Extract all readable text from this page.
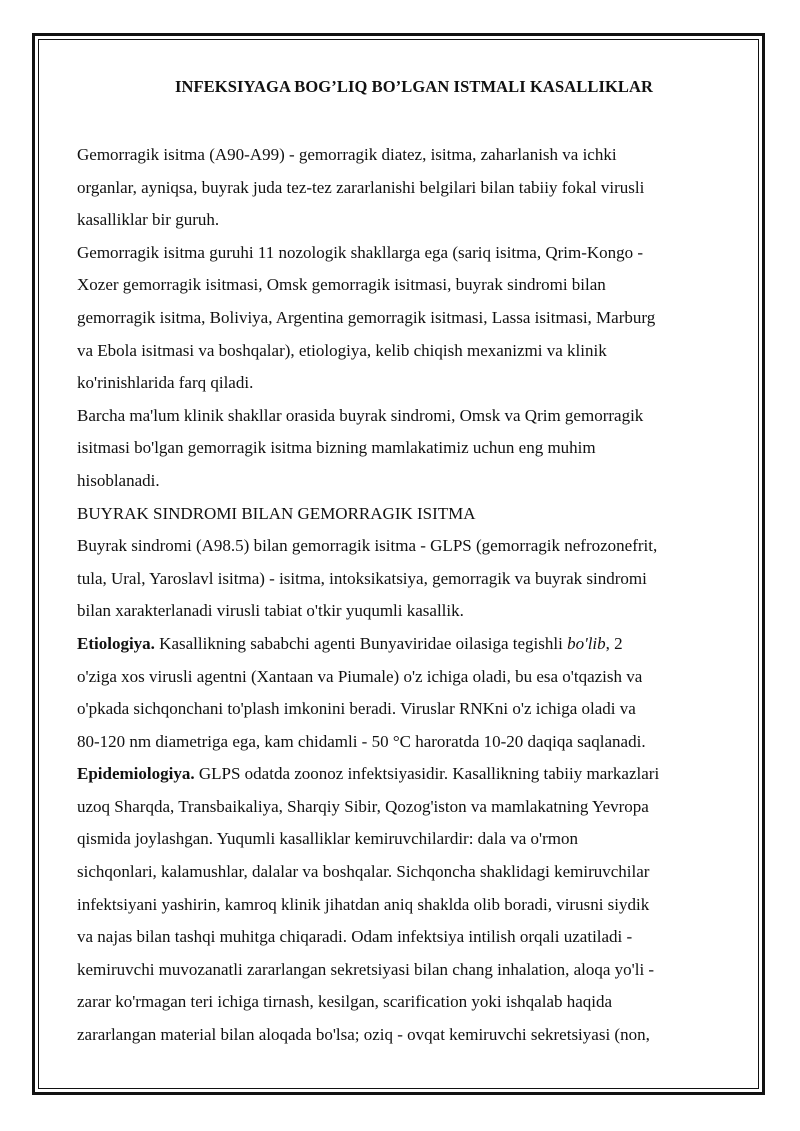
INFEKSIYAGA BOG’LIQ BO’LGAN ISTMALI KASALLIKLAR
Gemorragik isitma (A90-A99) - gemorragik diatez, isitma, zaharlanish va ichki
organlar, ayniqsa, buyrak juda tez-tez zararlanishi belgilari bilan tabiiy fokal virusli
kasalliklar bir guruh.
Gemorragik isitma guruhi 11 nozologik shakllarga ega (sariq isitma, Qrim-Kongo -
Xozer gemorragik isitmasi, Omsk gemorragik isitmasi, buyrak sindromi bilan
gemorragik isitma, Boliviya, Argentina gemorragik isitmasi, Lassa isitmasi, Marburg
va Ebola isitmasi va boshqalar), etiologiya, kelib chiqish mexanizmi va klinik
ko'rinishlarida farq qiladi.
Barcha ma'lum klinik shakllar orasida buyrak sindromi, Omsk va Qrim gemorragik
isitmasi bo'lgan gemorragik isitma bizning mamlakatimiz uchun eng muhim
hisoblanadi.
BUYRAK SINDROMI BILAN GEMORRAGIK ISITMA
Buyrak sindromi (A98.5) bilan gemorragik isitma - GLPS (gemorragik nefrozonefrit,
tula, Ural, Yaroslavl isitma) - isitma, intoksikatsiya, gemorragik va buyrak sindromi
bilan xarakterlanadi virusli tabiat o'tkir yuqumli kasallik.
Etiologiya. Kasallikning sababchi agenti Bunyaviridae oilasiga tegishli bo'lib, 2
o'ziga xos virusli agentni (Xantaan va Piumale) o'z ichiga oladi, bu esa o'tqazish va
o'pkada sichqonchani to'plash imkonini beradi. Viruslar RNKni o'z ichiga oladi va
80-120 nm diametriga ega, kam chidamli - 50 °C haroratda 10-20 daqiqa saqlanadi.
Epidemiologiya. GLPS odatda zoonoz infektsiyasidir. Kasallikning tabiiy markazlari
uzoq Sharqda, Transbaikaliya, Sharqiy Sibir, Qozog'iston va mamlakatning Yevropa
qismida joylashgan. Yuqumli kasalliklar kemiruvchilardir: dala va o'rmon
sichqonlari, kalamushlar, dalalar va boshqalar. Sichqoncha shaklidagi kemiruvchilar
infektsiyani yashirin, kamroq klinik jihatdan aniq shaklda olib boradi, virusni siydik
va najas bilan tashqi muhitga chiqaradi. Odam infektsiya intilish orqali uzatiladi -
kemiruvchi muvozanatli zararlangan sekretsiyasi bilan chang inhalation, aloqa yo'li -
zarar ko'rmagan teri ichiga tirnash, kesilgan, scarification yoki ishqalab haqida
zararlangan material bilan aloqada bo'lsa; oziq - ovqat kemiruvchi sekretsiyasi (non,
